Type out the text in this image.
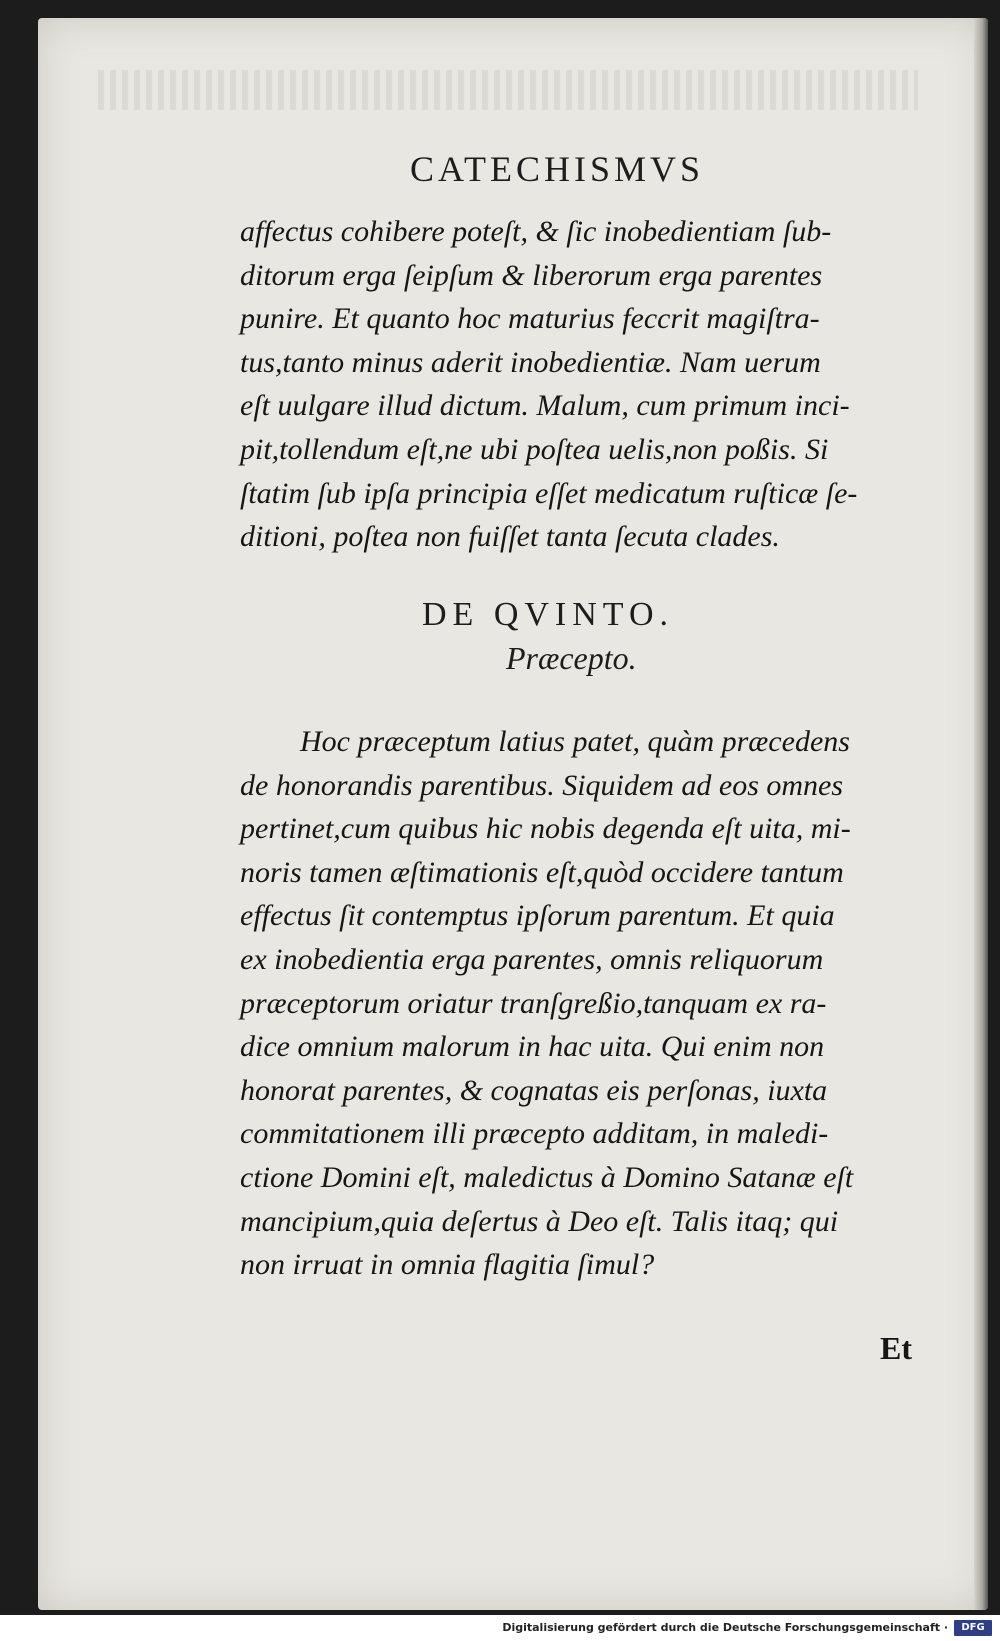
CATECHISMVS
affectus cohibere poteſt, & ſic inobedientiam ſub-
ditorum erga ſeipſum & liberorum erga parentes
punire. Et quanto hoc maturius feccrit magiſtra-
tus,tanto minus aderit inobedientiæ. Nam uerum
eſt uulgare illud dictum. Malum, cum primum inci-
pit,tollendum eſt,ne ubi poſtea uelis,non poßis. Si
ſtatim ſub ipſa principia eſſet medicatum ruſticæ ſe-
ditioni, poſtea non fuiſſet tanta ſecuta clades.
DE QVINTO.
Præcepto.
Hoc præceptum latius patet, quàm præcedens
de honorandis parentibus. Siquidem ad eos omnes
pertinet,cum quibus hic nobis degenda eſt uita, mi-
noris tamen æſtimationis eſt,quòd occidere tantum
effectus ſit contemptus ipſorum parentum. Et quia
ex inobedientia erga parentes, omnis reliquorum
præceptorum oriatur tranſgreßio,tanquam ex ra-
dice omnium malorum in hac uita. Qui enim non
honorat parentes, & cognatas eis perſonas, iuxta
commitationem illi præcepto additam, in maledi-
ctione Domini eſt, maledictus à Domino Satanæ eſt
mancipium,quia deſertus à Deo eſt. Talis itaq; qui
non irruat in omnia flagitia ſimul?
Et
Digitalisierung gefördert durch die Deutsche Forschungsgemeinschaft ·	DFG
